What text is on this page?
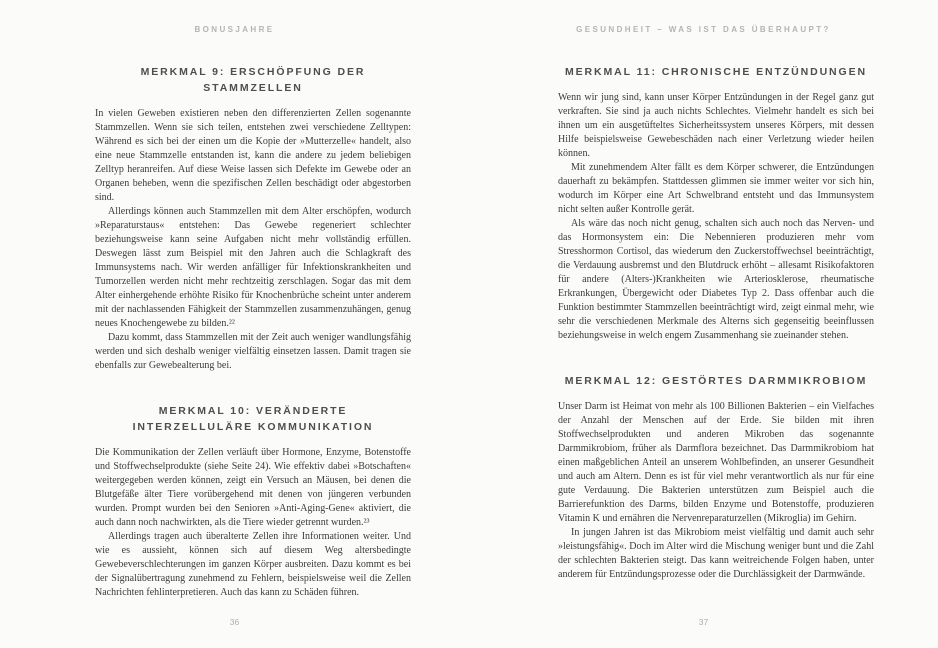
BONUSJAHRE	GESUNDHEIT – WAS IST DAS ÜBERHAUPT?
MERKMAL 9: ERSCHÖPFUNG DER STAMMZELLEN

In vielen Geweben existieren neben den differenzierten Zellen sogenannte Stammzellen. Wenn sie sich teilen, entstehen zwei verschiedene Zelltypen: Während es sich bei der einen um die Kopie der »Mutterzelle« handelt, also eine neue Stammzelle entstanden ist, kann die andere zu jedem beliebigen Zelltyp heranreifen. Auf diese Weise lassen sich Defekte im Gewebe oder an Organen beheben, wenn die spezifischen Zellen beschädigt oder abgestorben sind.

Allerdings können auch Stammzellen mit dem Alter erschöpfen, wodurch »Reparaturstaus« entstehen: Das Gewebe regeneriert schlechter beziehungsweise kann seine Aufgaben nicht mehr vollständig erfüllen. Deswegen lässt zum Beispiel mit den Jahren auch die Schlagkraft des Immunsystems nach. Wir werden anfälliger für Infektionskrankheiten und Tumorzellen werden nicht mehr rechtzeitig zerschlagen. Sogar das mit dem Alter einhergehende erhöhte Risiko für Knochenbrüche scheint unter anderem mit der nachlassenden Fähigkeit der Stammzellen zusammenzuhängen, genug neues Knochengewebe zu bilden.²²

Dazu kommt, dass Stammzellen mit der Zeit auch weniger wandlungsfähig werden und sich deshalb weniger vielfältig einsetzen lassen. Damit tragen sie ebenfalls zur Gewebealterung bei.

MERKMAL 10: VERÄNDERTE
INTERZELLULÄRE KOMMUNIKATION

Die Kommunikation der Zellen verläuft über Hormone, Enzyme, Botenstoffe und Stoffwechselprodukte (siehe Seite 24). Wie effektiv dabei »Botschaften« weitergegeben werden können, zeigt ein Versuch an Mäusen, bei denen die Blutgefäße älter Tiere vorübergehend mit denen von jüngeren verbunden wurden. Prompt wurden bei den Senioren »Anti-Aging-Gene« aktiviert, die auch dann noch nachwirkten, als die Tiere wieder getrennt wurden.²³

Allerdings tragen auch überalterte Zellen ihre Informationen weiter. Und wie es aussieht, können sich auf diesem Weg altersbedingte Gewebeverschlechterungen im ganzen Körper ausbreiten. Dazu kommt es bei der Signalübertragung zunehmend zu Fehlern, beispielsweise weil die Zellen Nachrichten fehlinterpretieren. Auch das kann zu Schäden führen.

MERKMAL 11: CHRONISCHE ENTZÜNDUNGEN

Wenn wir jung sind, kann unser Körper Entzündungen in der Regel ganz gut verkraften. Sie sind ja auch nichts Schlechtes. Vielmehr handelt es sich bei ihnen um ein ausgetüfteltes Sicherheitssystem unseres Körpers, mit dessen Hilfe beispielsweise Gewebeschäden nach einer Verletzung wieder heilen können.

Mit zunehmendem Alter fällt es dem Körper schwerer, die Entzündungen dauerhaft zu bekämpfen. Stattdessen glimmen sie immer weiter vor sich hin, wodurch im Körper eine Art Schwelbrand entsteht und das Immunsystem nicht selten außer Kontrolle gerät.

Als wäre das noch nicht genug, schalten sich auch noch das Nerven- und das Hormonsystem ein: Die Nebennieren produzieren mehr vom Stresshormon Cortisol, das wiederum den Zuckerstoffwechsel beeinträchtigt, die Verdauung ausbremst und den Blutdruck erhöht – allesamt Risikofaktoren für andere (Alters-)Krankheiten wie Arteriosklerose, rheumatische Erkrankungen, Übergewicht oder Diabetes Typ 2. Dass offenbar auch die Funktion bestimmter Stammzellen beeinträchtigt wird, zeigt einmal mehr, wie sehr die verschiedenen Merkmale des Alterns sich gegenseitig beeinflussen beziehungsweise in welch engem Zusammenhang sie zueinander stehen.

MERKMAL 12: GESTÖRTES DARMMIKROBIOM

Unser Darm ist Heimat von mehr als 100 Billionen Bakterien – ein Vielfaches der Anzahl der Menschen auf der Erde. Sie bilden mit ihren Stoffwechselprodukten und anderen Mikroben das sogenannte Darmmikrobiom, früher als Darmflora bezeichnet. Das Darmmikrobiom hat einen maßgeblichen Anteil an unserem Wohlbefinden, an unserer Gesundheit und auch am Altern. Denn es ist für viel mehr verantwortlich als nur für eine gute Verdauung. Die Bakterien unterstützen zum Beispiel auch die Barrierefunktion des Darms, bilden Enzyme und Botenstoffe, produzieren Vitamin K und ernähren die Nervenreparaturzellen (Mikroglia) im Gehirn.

In jungen Jahren ist das Mikrobiom meist vielfältig und damit auch sehr »leistungsfähig«. Doch im Alter wird die Mischung weniger bunt und die Zahl der schlechten Bakterien steigt. Das kann weitreichende Folgen haben, unter anderem für Entzündungsprozesse oder die Durchlässigkeit der Darmwände.

36	37
